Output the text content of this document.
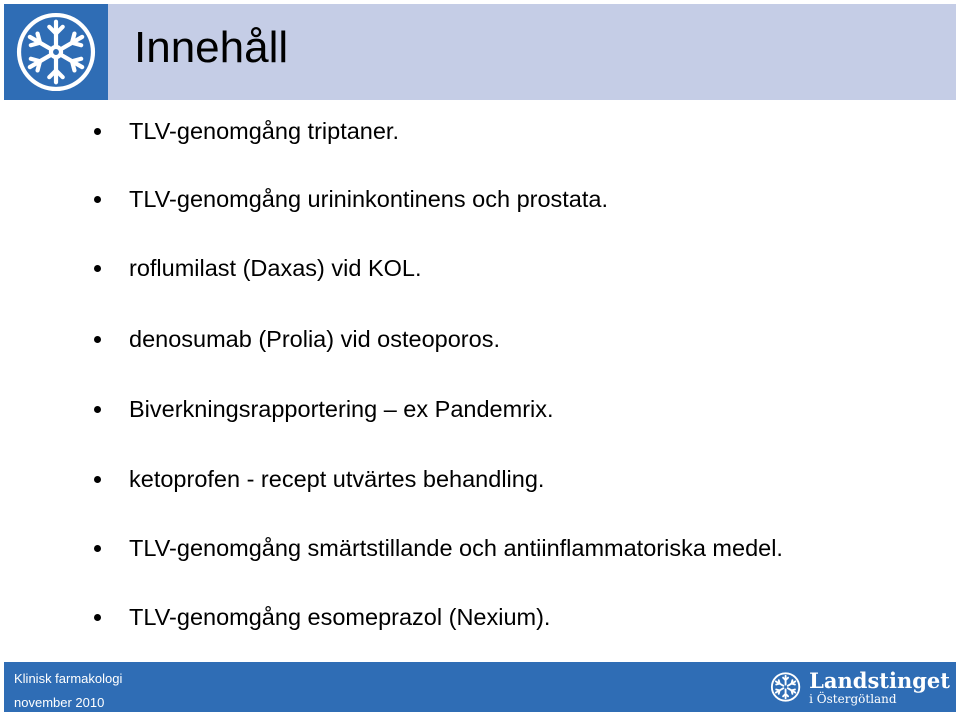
Innehåll
TLV-genomgång triptaner.
TLV-genomgång urininkontinens och prostata.
roflumilast (Daxas) vid KOL.
denosumab (Prolia) vid osteoporos.
Biverkningsrapportering – ex Pandemrix.
ketoprofen - recept utvärtes behandling.
TLV-genomgång smärtstillande och antiinflammatoriska medel.
TLV-genomgång esomeprazol (Nexium).
Klinisk farmakologi
november 2010
Landstinget
i Östergötland
